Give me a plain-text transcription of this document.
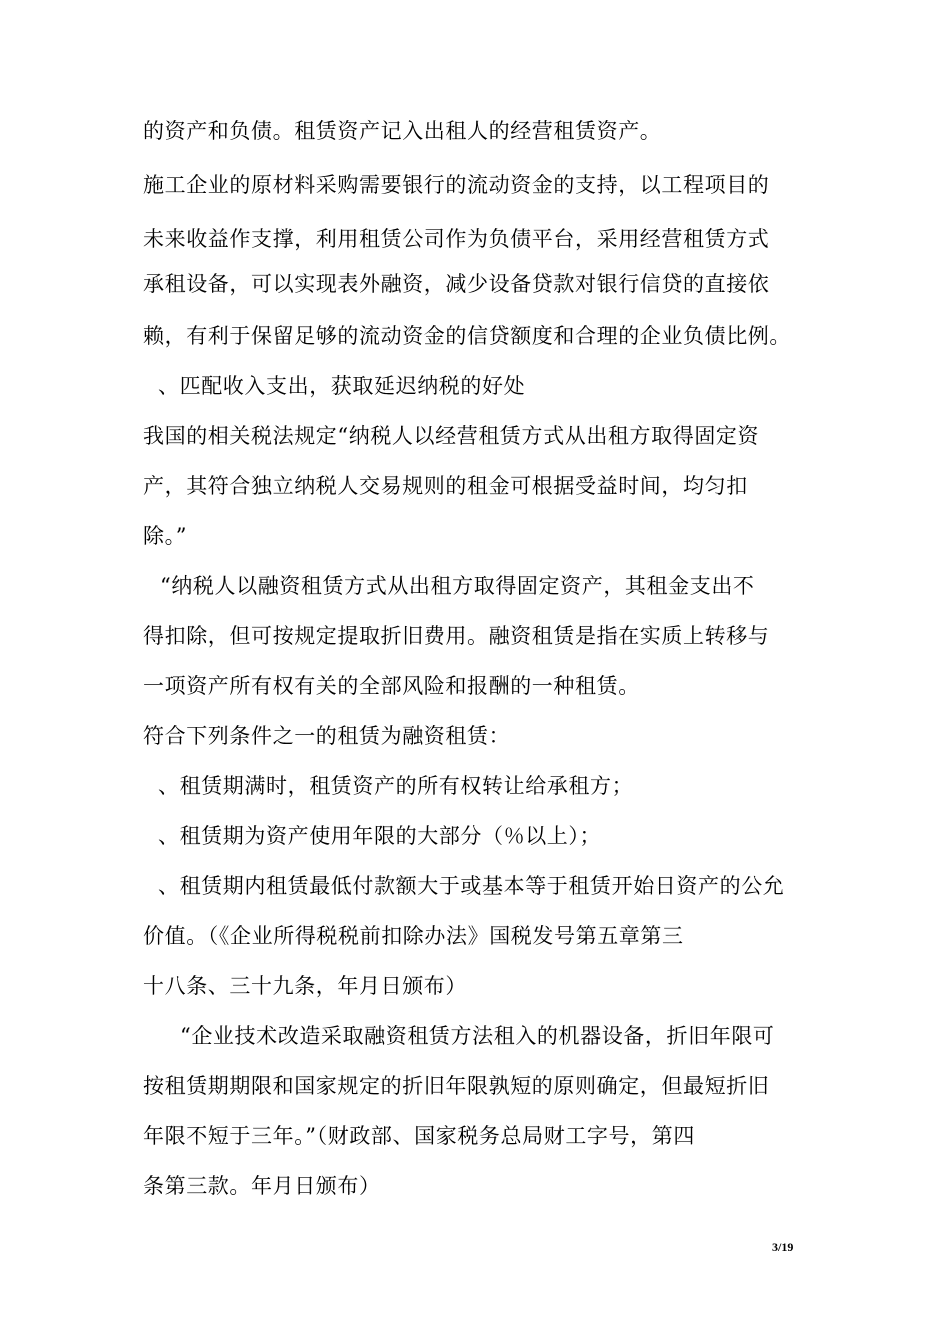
的资产和负债。租赁资产记入出租人的经营租赁资产。
施工企业的原材料采购需要银行的流动资金的支持，以工程项目的
未来收益作支撑，利用租赁公司作为负债平台，采用经营租赁方式
承租设备，可以实现表外融资，减少设备贷款对银行信贷的直接依
赖，有利于保留足够的流动资金的信贷额度和合理的企业负债比例。
、匹配收入支出，获取延迟纳税的好处
我国的相关税法规定“纳税人以经营租赁方式从出租方取得固定资
产，其符合独立纳税人交易规则的租金可根据受益时间，均匀扣
除。”
“纳税人以融资租赁方式从出租方取得固定资产，其租金支出不
得扣除，但可按规定提取折旧费用。融资租赁是指在实质上转移与
一项资产所有权有关的全部风险和报酬的一种租赁。
符合下列条件之一的租赁为融资租赁：
、租赁期满时，租赁资产的所有权转让给承租方；
、租赁期为资产使用年限的大部分（％以上）；
、租赁期内租赁最低付款额大于或基本等于租赁开始日资产的公允
价值。（《企业所得税税前扣除办法》国税发号第五章第三
十八条、三十九条，年月日颁布）
“企业技术改造采取融资租赁方法租入的机器设备，折旧年限可
按租赁期期限和国家规定的折旧年限孰短的原则确定，但最短折旧
年限不短于三年。”（财政部、国家税务总局财工字号，第四
条第三款。年月日颁布）
3/19
